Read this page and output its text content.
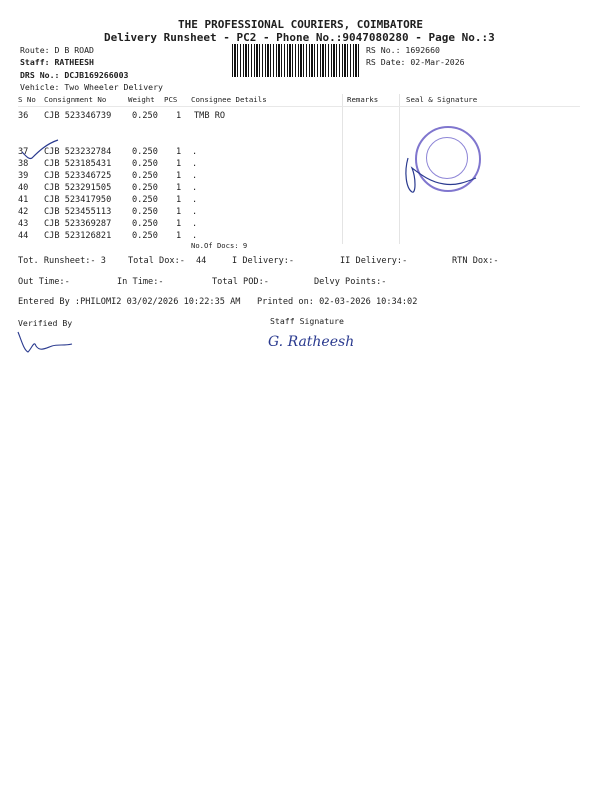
THE PROFESSIONAL COURIERS, COIMBATORE
Delivery Runsheet - PC2 - Phone No.:9047080280 - Page No.:3
Route: D B ROAD
Staff: RATHEESH
DRS No.: DCJB169266003
Vehicle: Two Wheeler Delivery
RS No.: 1692660
RS Date: 02-Mar-2026
S No Consignment No	Weight PCS Consignee Details	Remarks	Seal & Signature
36 CJB 523346739 0.250 1 TMB RO
37 CJB 523232784 0.250 1 .
38 CJB 523185431 0.250 1 .
39 CJB 523346725 0.250 1 .
40 CJB 523291505 0.250 1 .
41 CJB 523417950 0.250 1 .
42 CJB 523455113 0.250 1 .
43 CJB 523369287 0.250 1 .
44 CJB 523126821 0.250 1 .
No.Of Docs: 9
Tot. Runsheet:- 3	Total Dox:- 44	I Delivery:-	II Delivery:-	RTN Dox:-
Out Time:-	In Time:-	Total POD:-	Delvy Points:-
Entered By :PHILOMI2 03/02/2026 10:22:35 AM Printed on: 02-03-2026 10:34:02
Verified By	Staff Signature
G. Ratheesh
